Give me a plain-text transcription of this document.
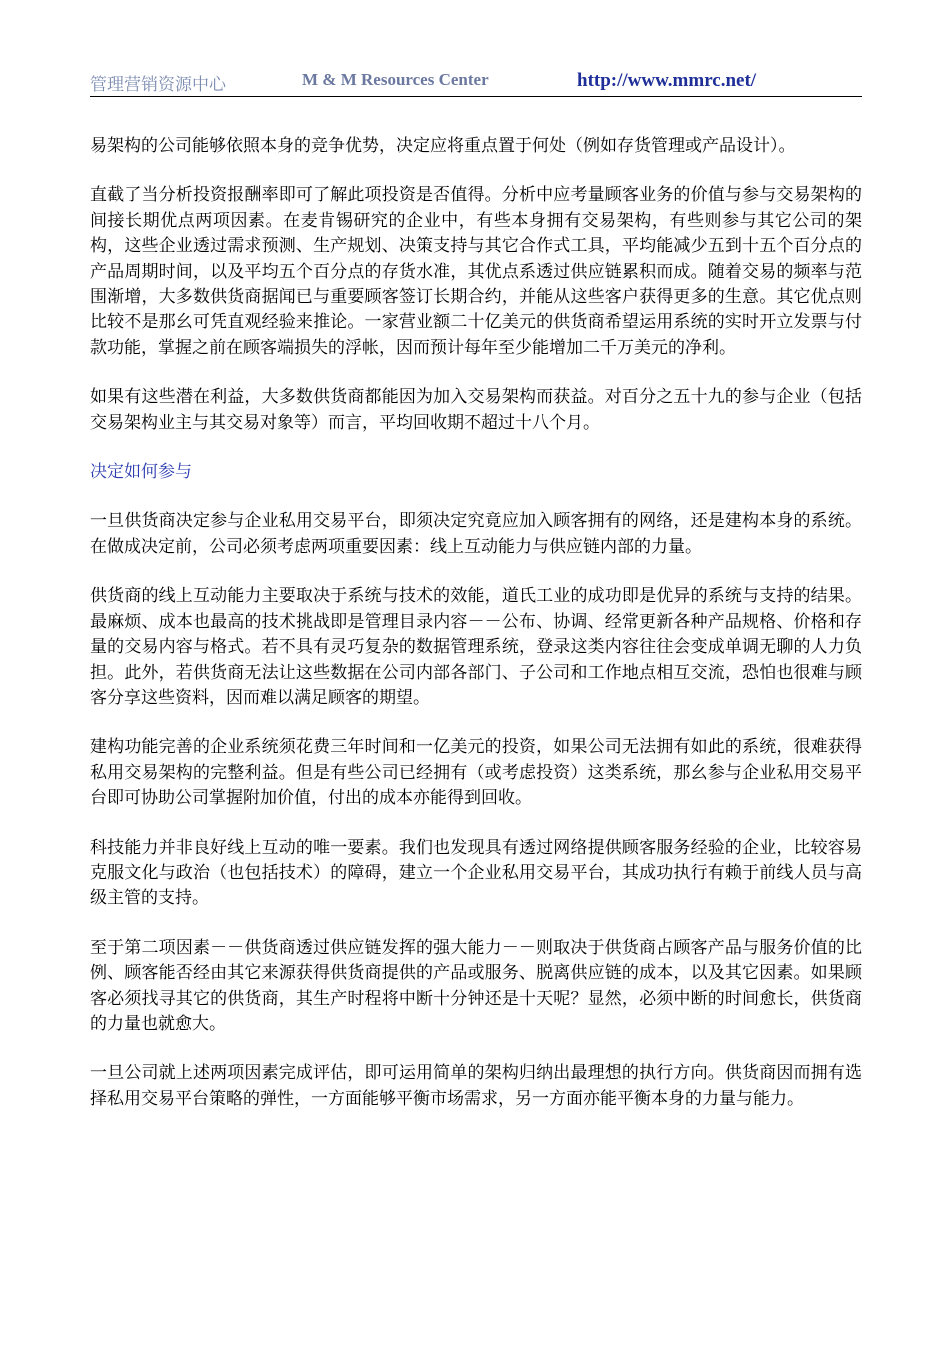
管理营销资源中心	M & M Resources Center	http://www.mmrc.net/

易架构的公司能够依照本身的竞争优势，决定应将重点置于何处（例如存货管理或产品设计）。

直截了当分析投资报酬率即可了解此项投资是否值得。分析中应考量顾客业务的价值与参与交易架构的间接长期优点两项因素。在麦肯锡研究的企业中，有些本身拥有交易架构，有些则参与其它公司的架构，这些企业透过需求预测、生产规划、决策支持与其它合作式工具，平均能减少五到十五个百分点的产品周期时间，以及平均五个百分点的存货水准，其优点系透过供应链累积而成。随着交易的频率与范围渐增，大多数供货商据闻已与重要顾客签订长期合约，并能从这些客户获得更多的生意。其它优点则比较不是那幺可凭直观经验来推论。一家营业额二十亿美元的供货商希望运用系统的实时开立发票与付款功能，掌握之前在顾客端损失的浮帐，因而预计每年至少能增加二千万美元的净利。

如果有这些潜在利益，大多数供货商都能因为加入交易架构而获益。对百分之五十九的参与企业（包括交易架构业主与其交易对象等）而言，平均回收期不超过十八个月。

决定如何参与

一旦供货商决定参与企业私用交易平台，即须决定究竟应加入顾客拥有的网络，还是建构本身的系统。在做成决定前，公司必须考虑两项重要因素：线上互动能力与供应链内部的力量。

供货商的线上互动能力主要取决于系统与技术的效能，道氏工业的成功即是优异的系统与支持的结果。最麻烦、成本也最高的技术挑战即是管理目录内容－－公布、协调、经常更新各种产品规格、价格和存量的交易内容与格式。若不具有灵巧复杂的数据管理系统，登录这类内容往往会变成单调无聊的人力负担。此外，若供货商无法让这些数据在公司内部各部门、子公司和工作地点相互交流，恐怕也很难与顾客分享这些资料，因而难以满足顾客的期望。

建构功能完善的企业系统须花费三年时间和一亿美元的投资，如果公司无法拥有如此的系统，很难获得私用交易架构的完整利益。但是有些公司已经拥有（或考虑投资）这类系统，那幺参与企业私用交易平台即可协助公司掌握附加价值，付出的成本亦能得到回收。

科技能力并非良好线上互动的唯一要素。我们也发现具有透过网络提供顾客服务经验的企业，比较容易克服文化与政治（也包括技术）的障碍，建立一个企业私用交易平台，其成功执行有赖于前线人员与高级主管的支持。

至于第二项因素－－供货商透过供应链发挥的强大能力－－则取决于供货商占顾客产品与服务价值的比例、顾客能否经由其它来源获得供货商提供的产品或服务、脱离供应链的成本，以及其它因素。如果顾客必须找寻其它的供货商，其生产时程将中断十分钟还是十天呢？显然，必须中断的时间愈长，供货商的力量也就愈大。

一旦公司就上述两项因素完成评估，即可运用简单的架构归纳出最理想的执行方向。供货商因而拥有选择私用交易平台策略的弹性，一方面能够平衡市场需求，另一方面亦能平衡本身的力量与能力。
